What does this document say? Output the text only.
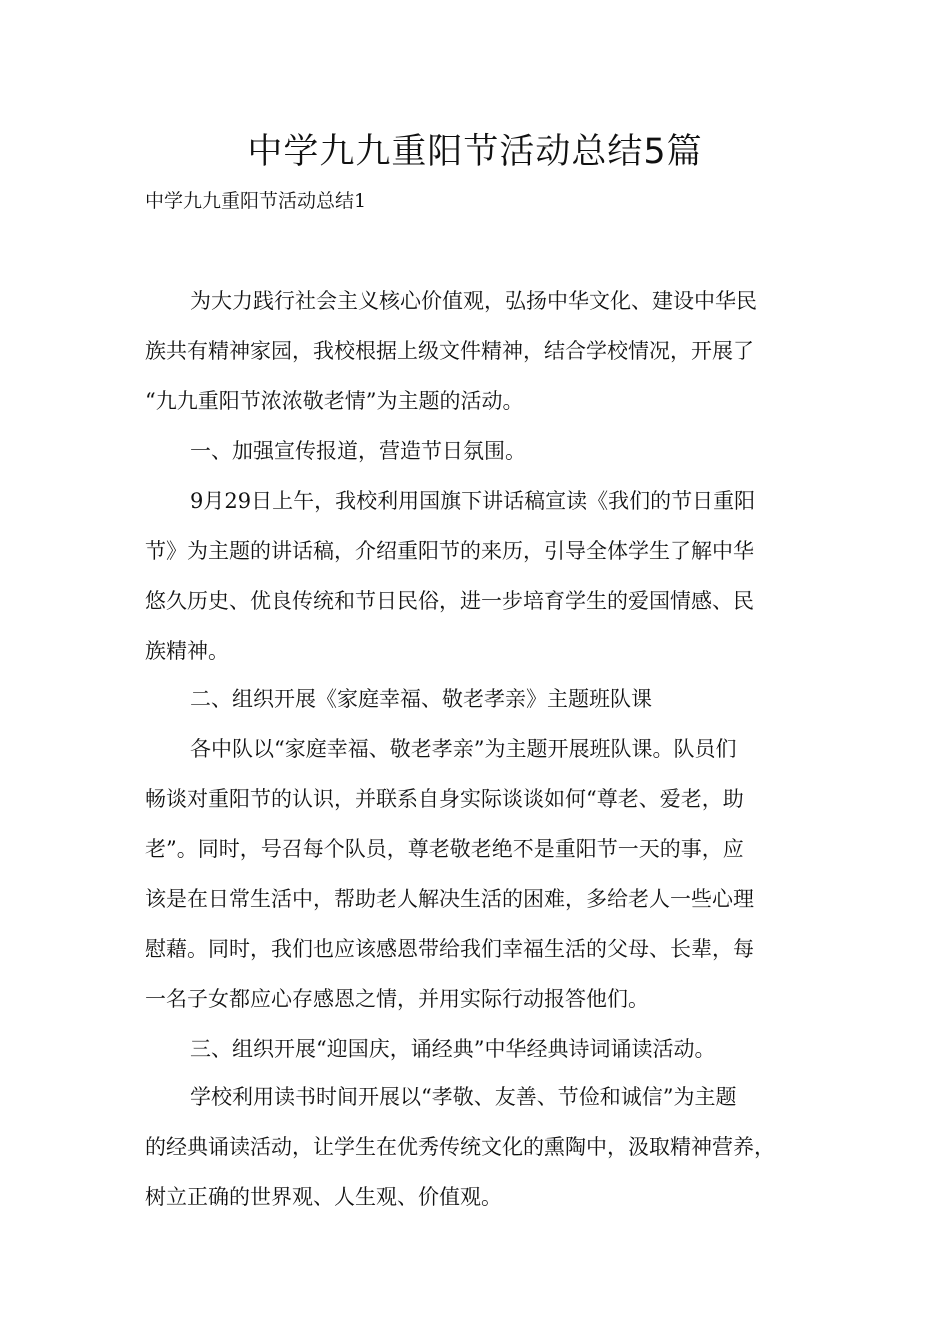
中学九九重阳节活动总结5篇

中学九九重阳节活动总结1

为大力践行社会主义核心价值观，弘扬中华文化、建设中华民

族共有精神家园，我校根据上级文件精神，结合学校情况，开展了

“九九重阳节浓浓敬老情”为主题的活动。

一、加强宣传报道，营造节日氛围。

9月29日上午，我校利用国旗下讲话稿宣读《我们的节日重阳

节》为主题的讲话稿，介绍重阳节的来历，引导全体学生了解中华

悠久历史、优良传统和节日民俗，进一步培育学生的爱国情感、民

族精神。

二、组织开展《家庭幸福、敬老孝亲》主题班队课

各中队以“家庭幸福、敬老孝亲”为主题开展班队课。队员们

畅谈对重阳节的认识，并联系自身实际谈谈如何“尊老、爱老，助

老”。同时，号召每个队员，尊老敬老绝不是重阳节一天的事，应

该是在日常生活中，帮助老人解决生活的困难，多给老人一些心理

慰藉。同时，我们也应该感恩带给我们幸福生活的父母、长辈，每

一名子女都应心存感恩之情，并用实际行动报答他们。

三、组织开展“迎国庆，诵经典”中华经典诗词诵读活动。

学校利用读书时间开展以“孝敬、友善、节俭和诚信”为主题

的经典诵读活动，让学生在优秀传统文化的熏陶中，汲取精神营养，

树立正确的世界观、人生观、价值观。
